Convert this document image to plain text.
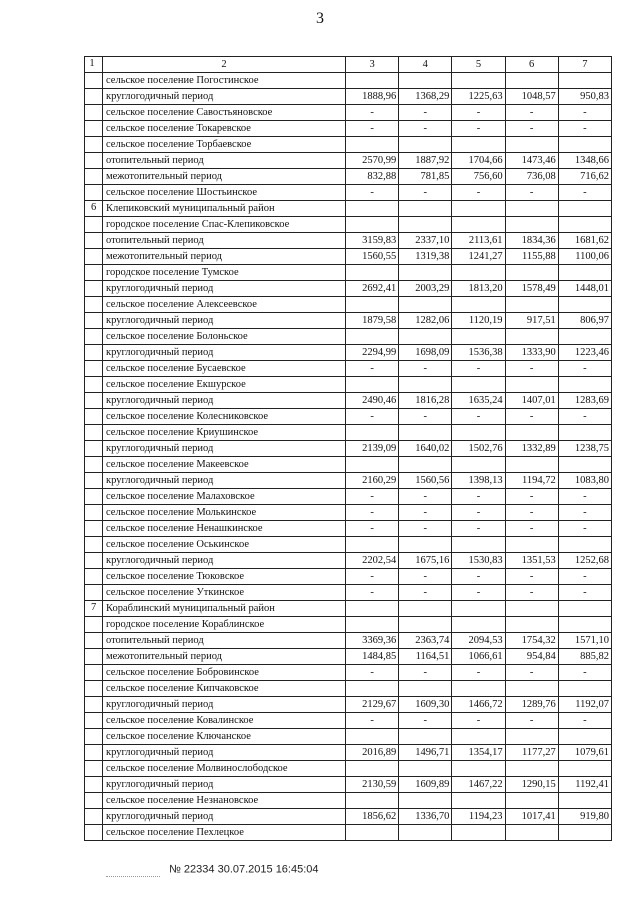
3
1	2	3	4	5	6	7
	сельское поселение Погостинское					
	круглогодичный период	1888,96	1368,29	1225,63	1048,57	950,83
	сельское поселение Савостьяновское	-	-	-	-	-
	сельское поселение Токаревское	-	-	-	-	-
	сельское поселение Торбаевское					
	отопительный период	2570,99	1887,92	1704,66	1473,46	1348,66
	межотопительный период	832,88	781,85	756,60	736,08	716,62
	сельское поселение Шостьинское	-	-	-	-	-
6	Клепиковский муниципальный район					
	городское поселение Спас-Клепиковское					
	отопительный период	3159,83	2337,10	2113,61	1834,36	1681,62
	межотопительный период	1560,55	1319,38	1241,27	1155,88	1100,06
	городское поселение Тумское					
	круглогодичный период	2692,41	2003,29	1813,20	1578,49	1448,01
	сельское поселение Алексеевское					
	круглогодичный период	1879,58	1282,06	1120,19	917,51	806,97
	сельское поселение Болоньское					
	круглогодичный период	2294,99	1698,09	1536,38	1333,90	1223,46
	сельское поселение Бусаевское	-	-	-	-	-
	сельское поселение Екшурское					
	круглогодичный период	2490,46	1816,28	1635,24	1407,01	1283,69
	сельское поселение Колесниковское	-	-	-	-	-
	сельское поселение Криушинское					
	круглогодичный период	2139,09	1640,02	1502,76	1332,89	1238,75
	сельское поселение Макеевское					
	круглогодичный период	2160,29	1560,56	1398,13	1194,72	1083,80
	сельское поселение Малаховское	-	-	-	-	-
	сельское поселение Молькинское	-	-	-	-	-
	сельское поселение Ненашкинское	-	-	-	-	-
	сельское поселение Оськинское					
	круглогодичный период	2202,54	1675,16	1530,83	1351,53	1252,68
	сельское поселение Тюковское	-	-	-	-	-
	сельское поселение Уткинское	-	-	-	-	-
7	Кораблинский муниципальный район					
	городское поселение Кораблинское					
	отопительный период	3369,36	2363,74	2094,53	1754,32	1571,10
	межотопительный период	1484,85	1164,51	1066,61	954,84	885,82
	сельское поселение Бобровинское	-	-	-	-	-
	сельское поселение Кипчаковское					
	круглогодичный период	2129,67	1609,30	1466,72	1289,76	1192,07
	сельское поселение Ковалинское	-	-	-	-	-
	сельское поселение Ключанское					
	круглогодичный период	2016,89	1496,71	1354,17	1177,27	1079,61
	сельское поселение Молвинослободское					
	круглогодичный период	2130,59	1609,89	1467,22	1290,15	1192,41
	сельское поселение Незнановское					
	круглогодичный период	1856,62	1336,70	1194,23	1017,41	919,80
	сельское поселение Пехлецкое					
№ 22334 30.07.2015 16:45:04
